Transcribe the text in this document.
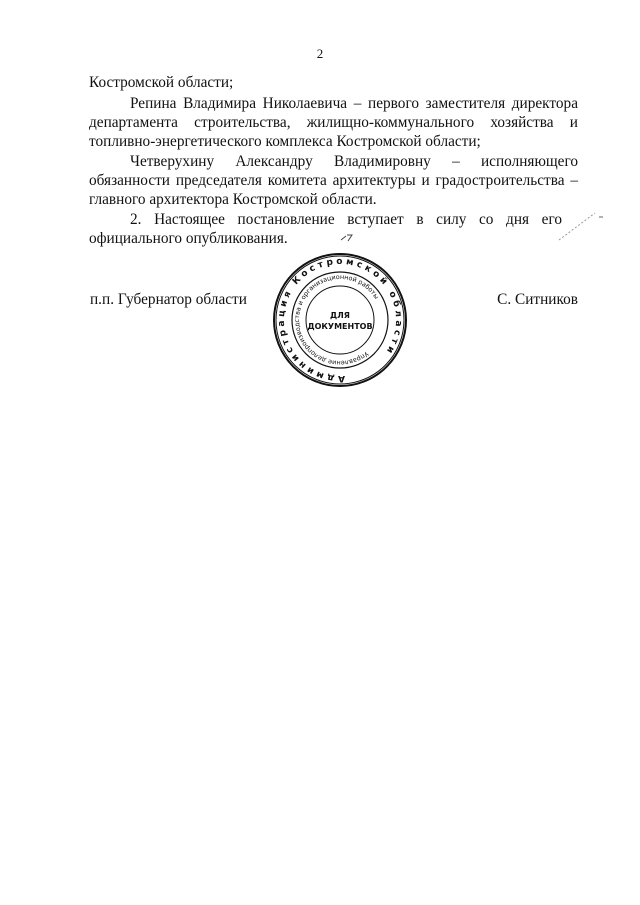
2
Костромской области;
Репина Владимира Николаевича – первого заместителя директора
департамента строительства, жилищно-коммунального хозяйства и
топливно-энергетического комплекса Костромской области;
Четверухину Александру Владимировну – исполняющего
обязанности председателя комитета архитектуры и градостроительства –
главного архитектора Костромской области.
2. Настоящее постановление вступает в силу со дня его
официального опубликования.
п.п. Губернатор области	С. Ситников
Администрация Костромской области
Управление делопроизводства и организационной работы
ДЛЯ
ДОКУМЕНТОВ
